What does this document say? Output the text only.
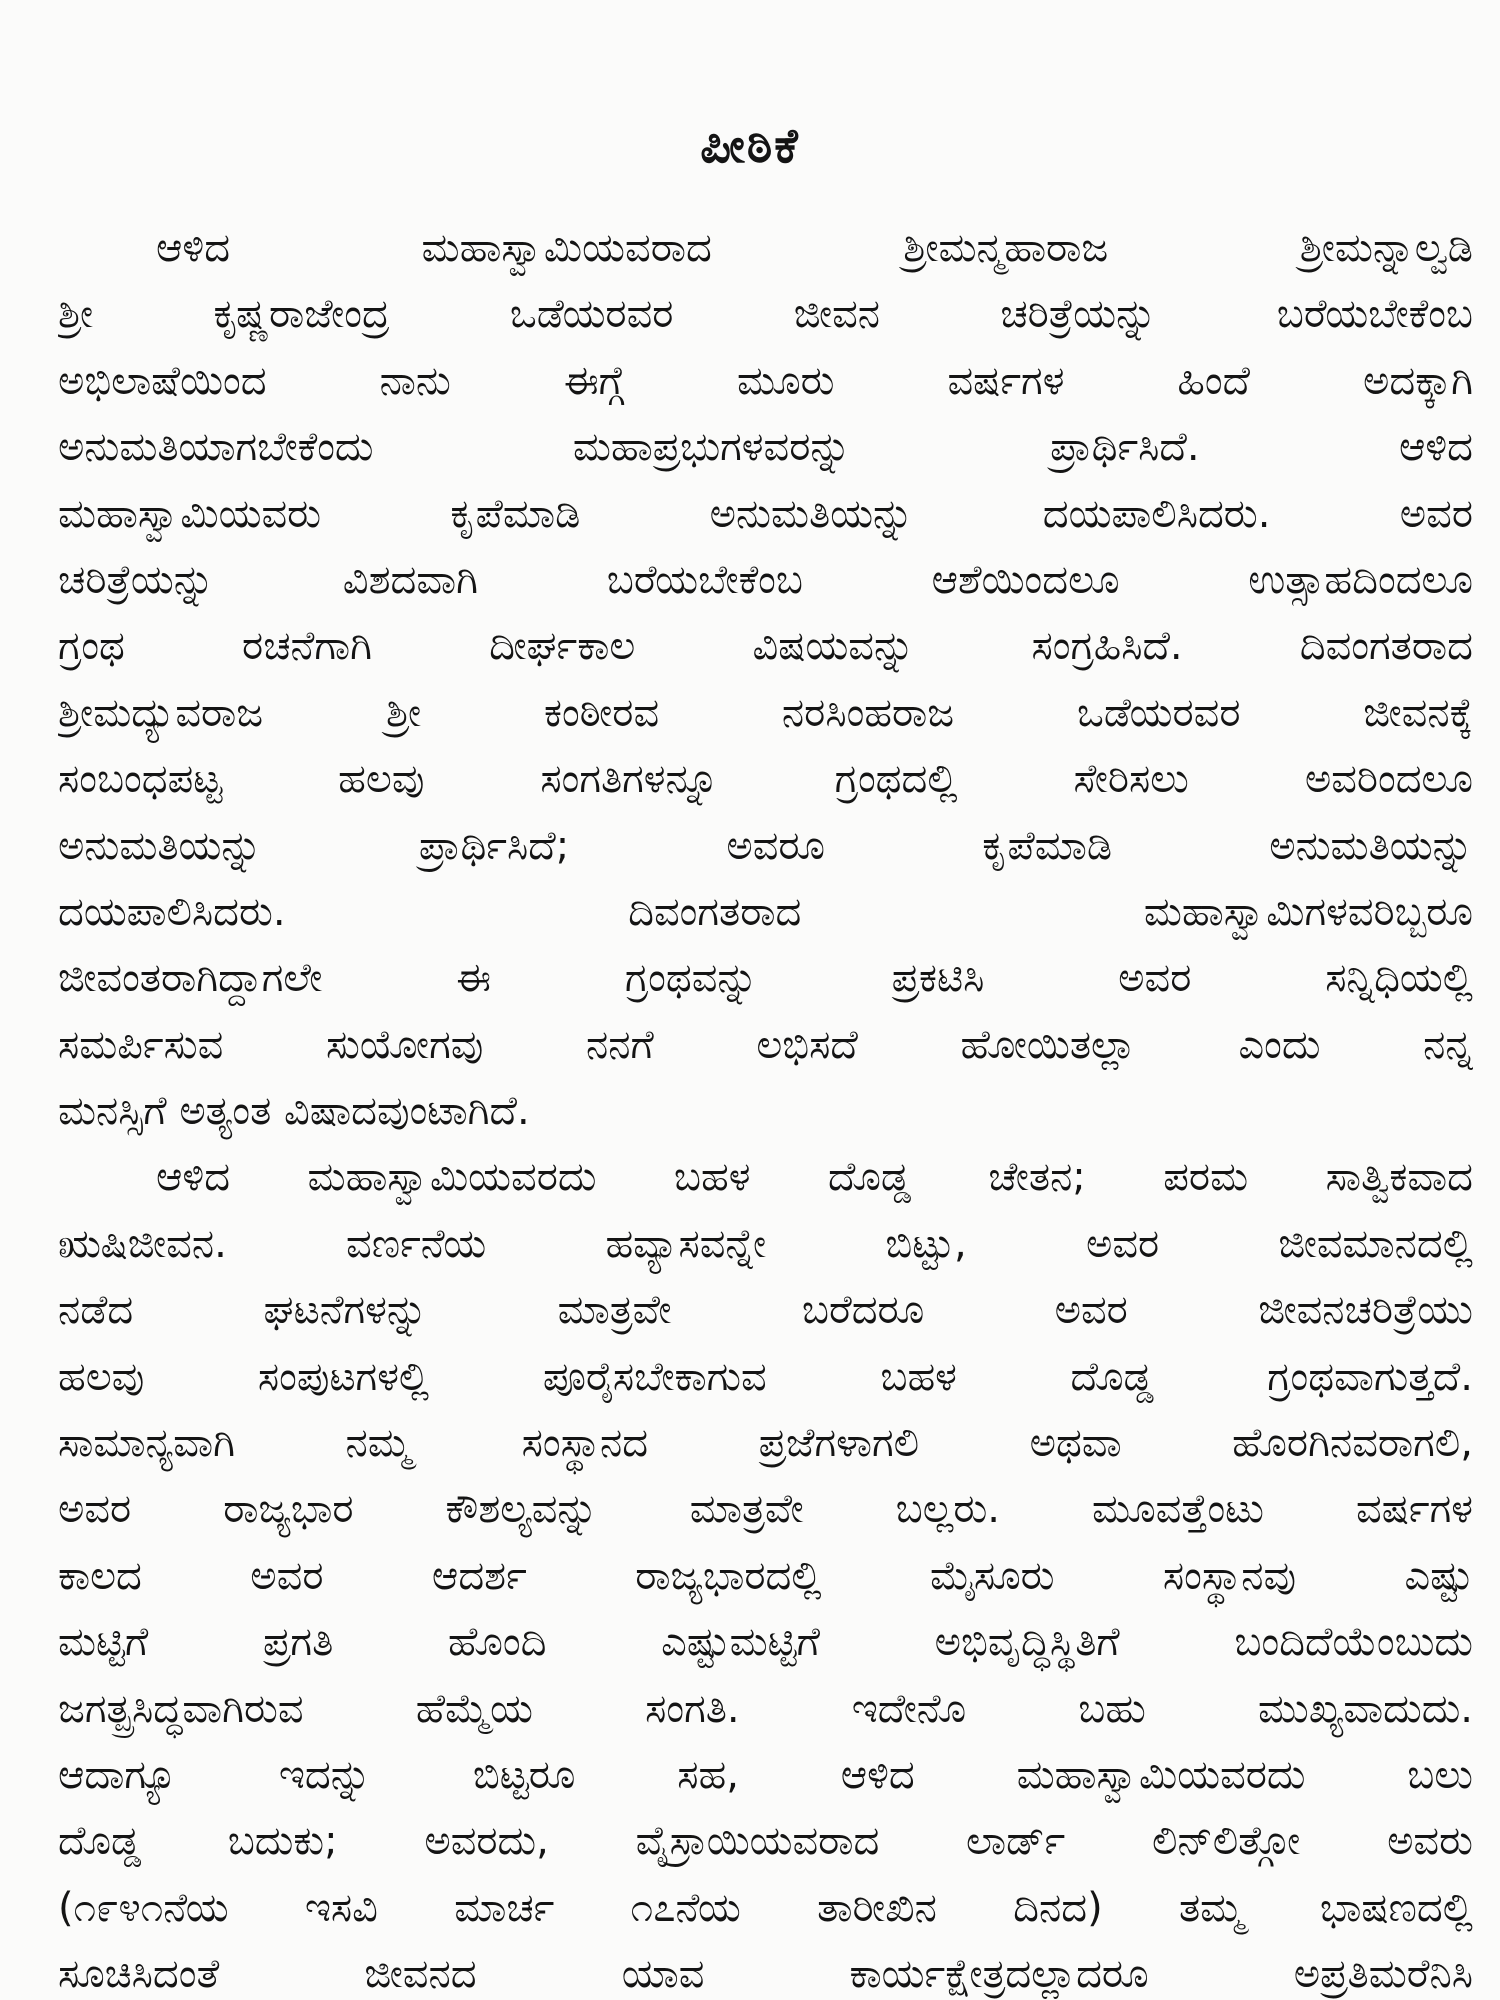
ಪೀಠಿಕೆ
ಆಳಿದ ಮಹಾಸ್ವಾಮಿಯವರಾದ ಶ್ರೀಮನ್ಮಹಾರಾಜ ಶ್ರೀಮನ್ನಾಲ್ವಡಿ
ಶ್ರೀ ಕೃಷ್ಣರಾಜೇಂದ್ರ ಒಡೆಯರವರ ಜೀವನ ಚರಿತ್ರೆಯನ್ನು ಬರೆಯಬೇಕೆಂಬ
ಅಭಿಲಾಷೆಯಿಂದ ನಾನು ಈಗ್ಗೆ ಮೂರು ವರ್ಷಗಳ ಹಿಂದೆ ಅದಕ್ಕಾಗಿ
ಅನುಮತಿಯಾಗಬೇಕೆಂದು ಮಹಾಪ್ರಭುಗಳವರನ್ನು ಪ್ರಾರ್ಥಿಸಿದೆ. ಆಳಿದ
ಮಹಾಸ್ವಾಮಿಯವರು ಕೃಪೆಮಾಡಿ ಅನುಮತಿಯನ್ನು ದಯಪಾಲಿಸಿದರು. ಅವರ
ಚರಿತ್ರೆಯನ್ನು ವಿಶದವಾಗಿ ಬರೆಯಬೇಕೆಂಬ ಆಶೆಯಿಂದಲೂ ಉತ್ಸಾಹದಿಂದಲೂ
ಗ್ರಂಥ ರಚನೆಗಾಗಿ ದೀರ್ಘಕಾಲ ವಿಷಯವನ್ನು ಸಂಗ್ರಹಿಸಿದೆ. ದಿವಂಗತರಾದ
ಶ್ರೀಮದ್ಯುವರಾಜ ಶ್ರೀ ಕಂಠೀರವ ನರಸಿಂಹರಾಜ ಒಡೆಯರವರ ಜೀವನಕ್ಕೆ
ಸಂಬಂಧಪಟ್ಟ ಹಲವು ಸಂಗತಿಗಳನ್ನೂ ಗ್ರಂಥದಲ್ಲಿ ಸೇರಿಸಲು ಅವರಿಂದಲೂ
ಅನುಮತಿಯನ್ನು ಪ್ರಾರ್ಥಿಸಿದೆ; ಅವರೂ ಕೃಪೆಮಾಡಿ ಅನುಮತಿಯನ್ನು
ದಯಪಾಲಿಸಿದರು. ದಿವಂಗತರಾದ ಮಹಾಸ್ವಾಮಿಗಳವರಿಬ್ಬರೂ
ಜೀವಂತರಾಗಿದ್ದಾಗಲೇ ಈ ಗ್ರಂಥವನ್ನು ಪ್ರಕಟಿಸಿ ಅವರ ಸನ್ನಿಧಿಯಲ್ಲಿ
ಸಮರ್ಪಿಸುವ ಸುಯೋಗವು ನನಗೆ ಲಭಿಸದೆ ಹೋಯಿತಲ್ಲಾ ಎಂದು ನನ್ನ
ಮನಸ್ಸಿಗೆ ಅತ್ಯಂತ ವಿಷಾದವುಂಟಾಗಿದೆ.
ಆಳಿದ ಮಹಾಸ್ವಾಮಿಯವರದು ಬಹಳ ದೊಡ್ಡ ಚೇತನ; ಪರಮ ಸಾತ್ವಿಕವಾದ
ಋಷಿಜೀವನ. ವರ್ಣನೆಯ ಹವ್ಯಾಸವನ್ನೇ ಬಿಟ್ಟು, ಅವರ ಜೀವಮಾನದಲ್ಲಿ
ನಡೆದ ಘಟನೆಗಳನ್ನು ಮಾತ್ರವೇ ಬರೆದರೂ ಅವರ ಜೀವನಚರಿತ್ರೆಯು
ಹಲವು ಸಂಪುಟಗಳಲ್ಲಿ ಪೂರೈಸಬೇಕಾಗುವ ಬಹಳ ದೊಡ್ಡ ಗ್ರಂಥವಾಗುತ್ತದೆ.
ಸಾಮಾನ್ಯವಾಗಿ ನಮ್ಮ ಸಂಸ್ಥಾನದ ಪ್ರಜೆಗಳಾಗಲಿ ಅಥವಾ ಹೊರಗಿನವರಾಗಲಿ,
ಅವರ ರಾಜ್ಯಭಾರ ಕೌಶಲ್ಯವನ್ನು ಮಾತ್ರವೇ ಬಲ್ಲರು. ಮೂವತ್ತೆಂಟು ವರ್ಷಗಳ
ಕಾಲದ ಅವರ ಆದರ್ಶ ರಾಜ್ಯಭಾರದಲ್ಲಿ ಮೈಸೂರು ಸಂಸ್ಥಾನವು ಎಷ್ಟು
ಮಟ್ಟಿಗೆ ಪ್ರಗತಿ ಹೊಂದಿ ಎಷ್ಟುಮಟ್ಟಿಗೆ ಅಭಿವೃದ್ಧಿಸ್ಥಿತಿಗೆ ಬಂದಿದೆಯೆಂಬುದು
ಜಗತ್ಪ್ರಸಿದ್ಧವಾಗಿರುವ ಹೆಮ್ಮೆಯ ಸಂಗತಿ. ಇದೇನೊ ಬಹು ಮುಖ್ಯವಾದುದು.
ಆದಾಗ್ಯೂ ಇದನ್ನು ಬಿಟ್ಟರೂ ಸಹ, ಆಳಿದ ಮಹಾಸ್ವಾಮಿಯವರದು ಬಲು
ದೊಡ್ಡ ಬದುಕು; ಅವರದು, ವೈಸ್ರಾಯಿಯವರಾದ ಲಾರ್ಡ್ ಲಿನ್‌ಲಿತ್ಗೋ ಅವರು
(೧೯೪೧ನೆಯ ಇಸವಿ ಮಾರ್ಚ ೧೭ನೆಯ ತಾರೀಖಿನ ದಿನದ) ತಮ್ಮ ಭಾಷಣದಲ್ಲಿ
ಸೂಚಿಸಿದಂತೆ ಜೀವನದ ಯಾವ ಕಾರ್ಯಕ್ಷೇತ್ರದಲ್ಲಾದರೂ ಅಪ್ರತಿಮರೆನಿಸಿ
